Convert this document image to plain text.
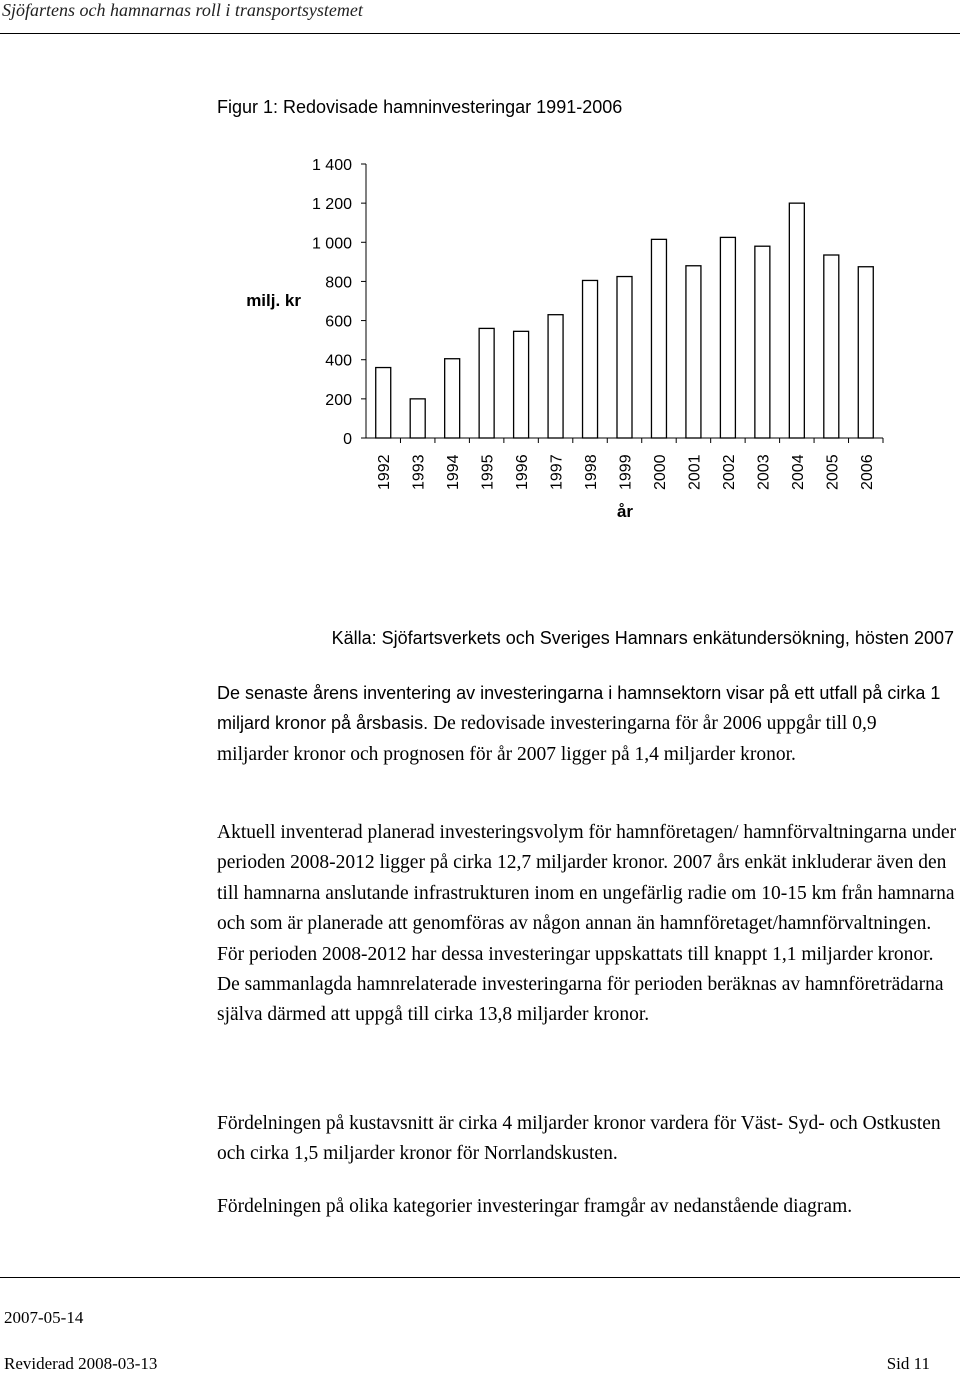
Sjöfartens och hamnarnas roll i transportsystemet
Figur 1: Redovisade hamninvesteringar 1991-2006
0
200
400
600
800
1 000
1 200
1 400
1992 1993 1994 1995 1996 1997 1998 1999 2000 2001 2002 2003 2004 2005 2006
år
milj. kr
Källa: Sjöfartsverkets och Sveriges Hamnars enkätundersökning, hösten 2007
De senaste årens inventering av investeringarna i hamnsektorn visar på ett utfall på cirka 1 miljard kronor på årsbasis. De redovisade investeringarna för år 2006 uppgår till 0,9 miljarder kronor och prognosen för år 2007 ligger på 1,4 miljarder kronor.
Aktuell inventerad planerad investeringsvolym för hamnföretagen/ hamnförvaltningarna under perioden 2008-2012 ligger på cirka 12,7 miljarder kronor. 2007 års enkät inkluderar även den till hamnarna anslutande infrastrukturen inom en ungefärlig radie om 10-15 km från hamnarna och som är planerade att genomföras av någon annan än hamnföretaget/hamnförvaltningen. För perioden 2008-2012 har dessa investeringar uppskattats till knappt 1,1 miljarder kronor. De sammanlagda hamnrelaterade investeringarna för perioden beräknas av hamnföreträdarna själva därmed att uppgå till cirka 13,8 miljarder kronor.
Fördelningen på kustavsnitt är cirka 4 miljarder kronor vardera för Väst- Syd- och Ostkusten och cirka 1,5 miljarder kronor för Norrlandskusten.
Fördelningen på olika kategorier investeringar framgår av nedanstående diagram.
2007-05-14
Reviderad 2008-03-13	Sid 11
